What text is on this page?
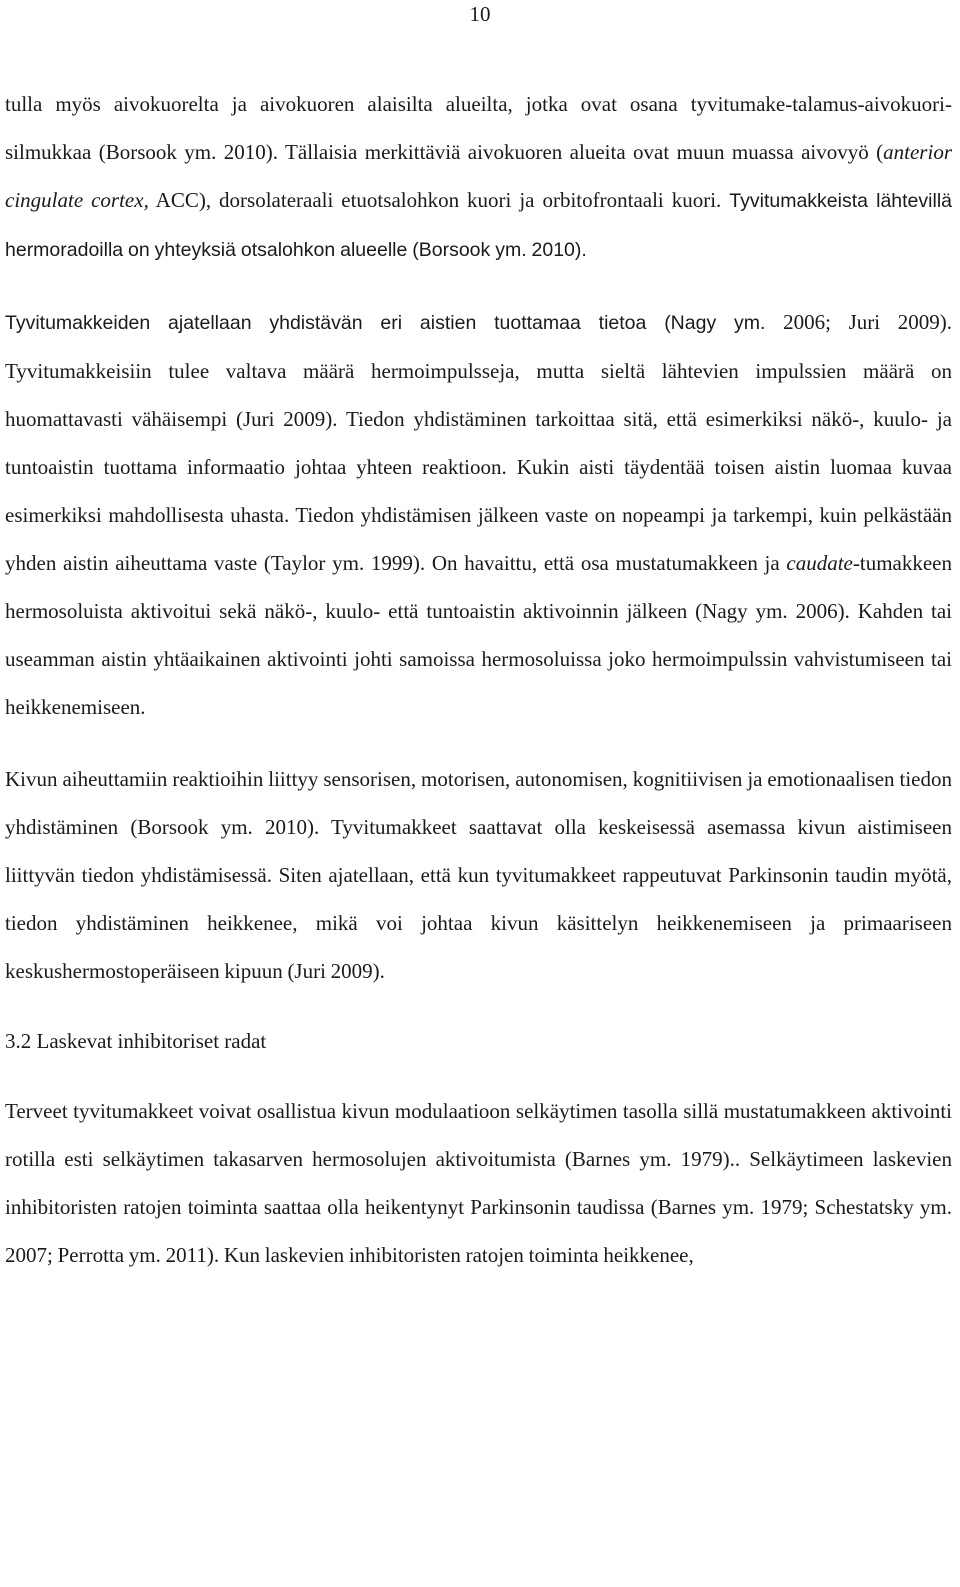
10

tulla myös aivokuorelta ja aivokuoren alaisilta alueilta, jotka ovat osana tyvitumake-talamus-aivokuori-silmukkaa (Borsook ym. 2010). Tällaisia merkittäviä aivokuoren alueita ovat muun muassa aivovyö (anterior cingulate cortex, ACC), dorsolateraali etuotsalohkon kuori ja orbitofrontaali kuori. Tyvitumakkeista lähtevillä hermoradoilla on yhteyksiä otsalohkon alueelle (Borsook ym. 2010).

Tyvitumakkeiden ajatellaan yhdistävän eri aistien tuottamaa tietoa (Nagy ym. 2006; Juri 2009). Tyvitumakkeisiin tulee valtava määrä hermoimpulsseja, mutta sieltä lähtevien impulssien määrä on huomattavasti vähäisempi (Juri 2009). Tiedon yhdistäminen tarkoittaa sitä, että esimerkiksi näkö-, kuulo- ja tuntoaistin tuottama informaatio johtaa yhteen reaktioon. Kukin aisti täydentää toisen aistin luomaa kuvaa esimerkiksi mahdollisesta uhasta. Tiedon yhdistämisen jälkeen vaste on nopeampi ja tarkempi, kuin pelkästään yhden aistin aiheuttama vaste (Taylor ym. 1999). On havaittu, että osa mustatumakkeen ja caudate-tumakkeen hermosoluista aktivoitui sekä näkö-, kuulo- että tuntoaistin aktivoinnin jälkeen (Nagy ym. 2006). Kahden tai useamman aistin yhtäaikainen aktivointi johti samoissa hermosoluissa joko hermoimpulssin vahvistumiseen tai heikkenemiseen.

Kivun aiheuttamiin reaktioihin liittyy sensorisen, motorisen, autonomisen, kognitiivisen ja emotionaalisen tiedon yhdistäminen (Borsook ym. 2010). Tyvitumakkeet saattavat olla keskeisessä asemassa kivun aistimiseen liittyvän tiedon yhdistämisessä. Siten ajatellaan, että kun tyvitumakkeet rappeutuvat Parkinsonin taudin myötä, tiedon yhdistäminen heikkenee, mikä voi johtaa kivun käsittelyn heikkenemiseen ja primaariseen keskushermostoperäiseen kipuun (Juri 2009).

3.2 Laskevat inhibitoriset radat

Terveet tyvitumakkeet voivat osallistua kivun modulaatioon selkäytimen tasolla sillä mustatumakkeen aktivointi rotilla esti selkäytimen takasarven hermosolujen aktivoitumista (Barnes ym. 1979).. Selkäytimeen laskevien inhibitoristen ratojen toiminta saattaa olla heikentynyt Parkinsonin taudissa (Barnes ym. 1979; Schestatsky ym. 2007; Perrotta ym. 2011). Kun laskevien inhibitoristen ratojen toiminta heikkenee,
